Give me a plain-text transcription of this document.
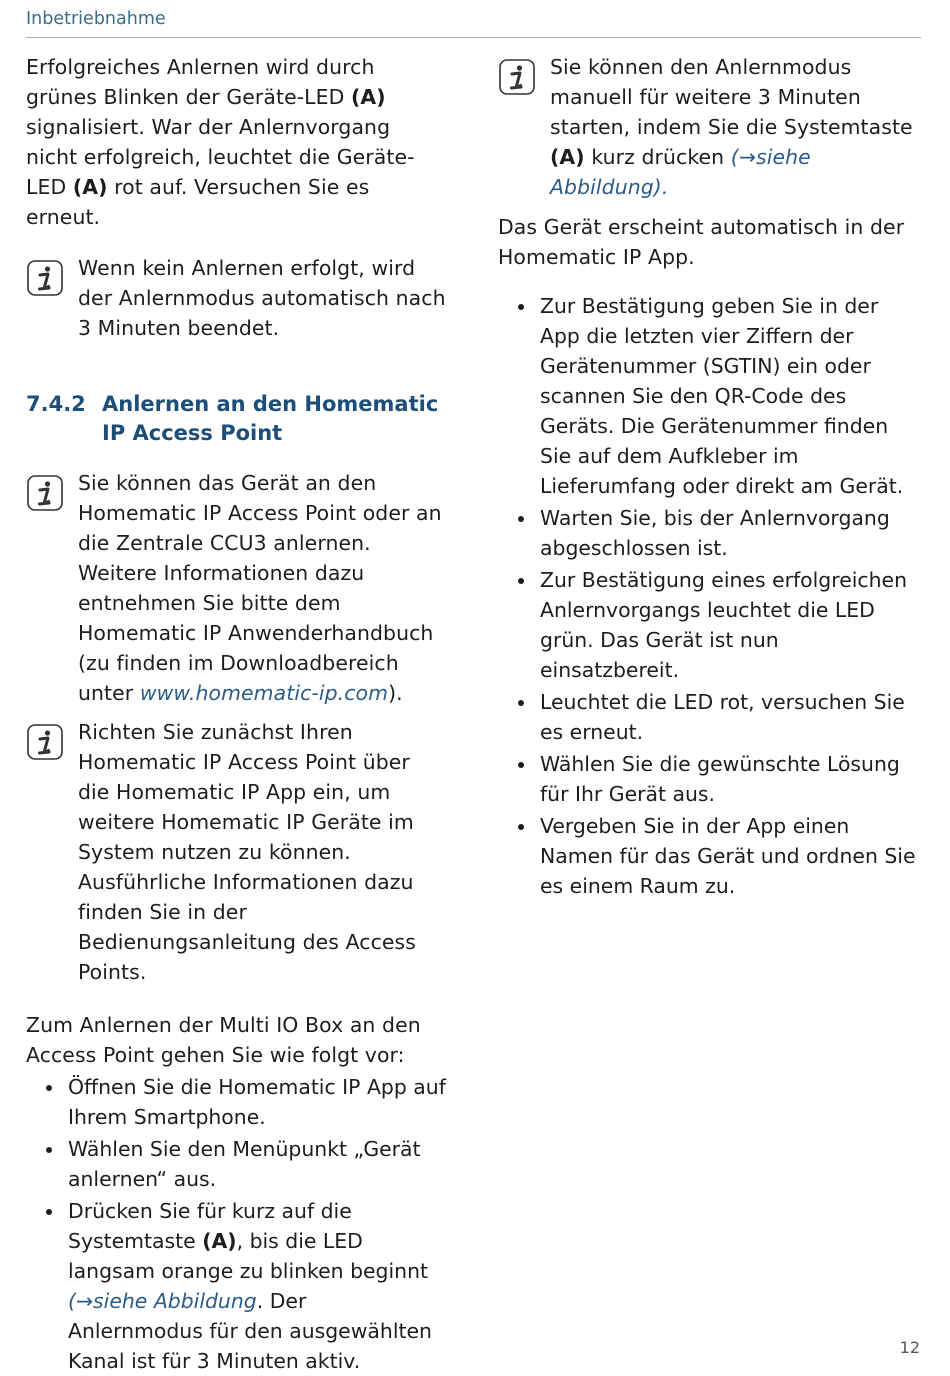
Inbetriebnahme

Erfolgreiches Anlernen wird durch grünes Blinken der Geräte-LED (A) signalisiert. War der Anlernvorgang nicht erfolgreich, leuchtet die Geräte-LED (A) rot auf. Versuchen Sie es erneut.

Wenn kein Anlernen erfolgt, wird der Anlernmodus automatisch nach 3 Minuten beendet.
7.4.2 Anlernen an den Homematic IP Access Point
Sie können das Gerät an den Homematic IP Access Point oder an die Zentrale CCU3 anlernen. Weitere Informationen dazu entnehmen Sie bitte dem Homematic IP Anwenderhandbuch (zu finden im Downloadbereich unter www.homematic-ip.com).
Richten Sie zunächst Ihren Homematic IP Access Point über die Homematic IP App ein, um weitere Homematic IP Geräte im System nutzen zu können. Ausführliche Informationen dazu finden Sie in der Bedienungsanleitung des Access Points.

Zum Anlernen der Multi IO Box an den Access Point gehen Sie wie folgt vor:

Öffnen Sie die Homematic IP App auf Ihrem Smartphone.
Wählen Sie den Menüpunkt „Gerät anlernen“ aus.
Drücken Sie für kurz auf die Systemtaste (A), bis die LED langsam orange zu blinken beginnt (→siehe Abbildung. Der Anlernmodus für den ausgewählten Kanal ist für 3 Minuten aktiv.
Sie können den Anlernmodus manuell für weitere 3 Minuten starten, indem Sie die Systemtaste (A) kurz drücken (→siehe Abbildung).

Das Gerät erscheint automatisch in der Homematic IP App.

Zur Bestätigung geben Sie in der App die letzten vier Ziffern der Gerätenummer (SGTIN) ein oder scannen Sie den QR-Code des Geräts. Die Gerätenummer finden Sie auf dem Aufkleber im Lieferumfang oder direkt am Gerät.
Warten Sie, bis der Anlernvorgang abgeschlossen ist.
Zur Bestätigung eines erfolgreichen Anlernvorgangs leuchtet die LED grün. Das Gerät ist nun einsatzbereit.
Leuchtet die LED rot, versuchen Sie es erneut.
Wählen Sie die gewünschte Lösung für Ihr Gerät aus.
Vergeben Sie in der App einen Namen für das Gerät und ordnen Sie es einem Raum zu.
12
